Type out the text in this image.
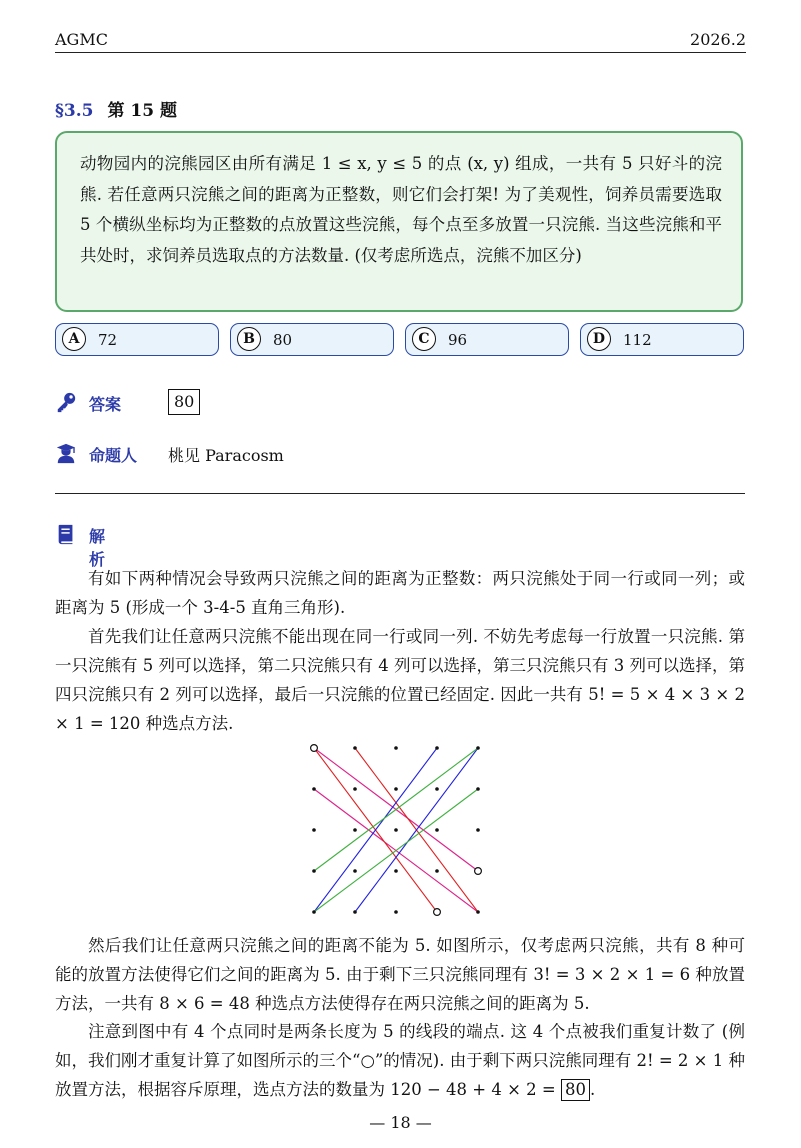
AGMC	2026.2
§3.5 第 15 题
动物园内的浣熊园区由所有满足 1 ≤ x, y ≤ 5 的点 (x, y) 组成，一共有 5 只好斗的浣熊. 若任意两只浣熊之间的距离为正整数，则它们会打架! 为了美观性，饲养员需要选取 5 个横纵坐标均为正整数的点放置这些浣熊，每个点至多放置一只浣熊. 当这些浣熊和平共处时，求饲养员选取点的方法数量. (仅考虑所选点，浣熊不加区分)
A	72	B	80	C	96	D	112
答案	80
命题人 桃见 Paracosm
解析
有如下两种情况会导致两只浣熊之间的距离为正整数：两只浣熊处于同一行或同一列；或距离为 5 (形成一个 3-4-5 直角三角形).
首先我们让任意两只浣熊不能出现在同一行或同一列. 不妨先考虑每一行放置一只浣熊. 第一只浣熊有 5 列可以选择，第二只浣熊只有 4 列可以选择，第三只浣熊只有 3 列可以选择，第四只浣熊只有 2 列可以选择，最后一只浣熊的位置已经固定. 因此一共有 5! = 5 × 4 × 3 × 2 × 1 = 120 种选点方法.
然后我们让任意两只浣熊之间的距离不能为 5. 如图所示，仅考虑两只浣熊，共有 8 种可能的放置方法使得它们之间的距离为 5. 由于剩下三只浣熊同理有 3! = 3 × 2 × 1 = 6 种放置方法，一共有 8 × 6 = 48 种选点方法使得存在两只浣熊之间的距离为 5.
注意到图中有 4 个点同时是两条长度为 5 的线段的端点. 这 4 个点被我们重复计数了 (例如，我们刚才重复计算了如图所示的三个“○”的情况). 由于剩下两只浣熊同理有 2! = 2 × 1 种放置方法，根据容斥原理，选点方法的数量为 120 − 48 + 4 × 2 = 80 .
— 18 —
